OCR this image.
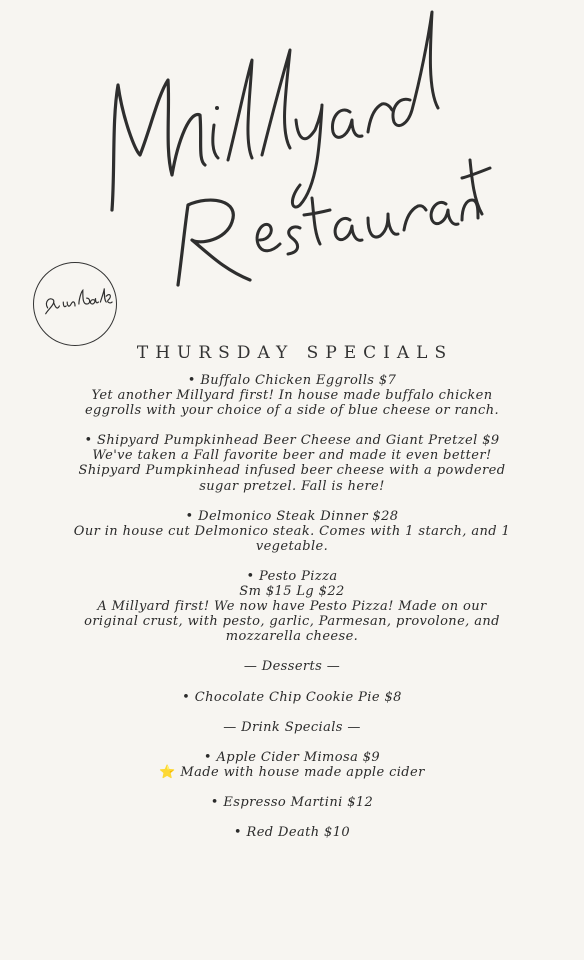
THURSDAY SPECIALS

• Buffalo Chicken Eggrolls $7

Yet another Millyard first! In house made buffalo chicken eggrolls with your choice of a side of blue cheese or ranch.

• Shipyard Pumpkinhead Beer Cheese and Giant Pretzel $9

We've taken a Fall favorite beer and made it even better! Shipyard Pumpkinhead infused beer cheese with a powdered sugar pretzel. Fall is here!

• Delmonico Steak Dinner $28

Our in house cut Delmonico steak. Comes with 1 starch, and 1 vegetable.

• Pesto Pizza

Sm $15 Lg $22

A Millyard first! We now have Pesto Pizza! Made on our original crust, with pesto, garlic, Parmesan, provolone, and mozzarella cheese.

— Desserts —

• Chocolate Chip Cookie Pie $8

— Drink Specials —

• Apple Cider Mimosa $9

⭐ Made with house made apple cider

• Espresso Martini $12

• Red Death $10
